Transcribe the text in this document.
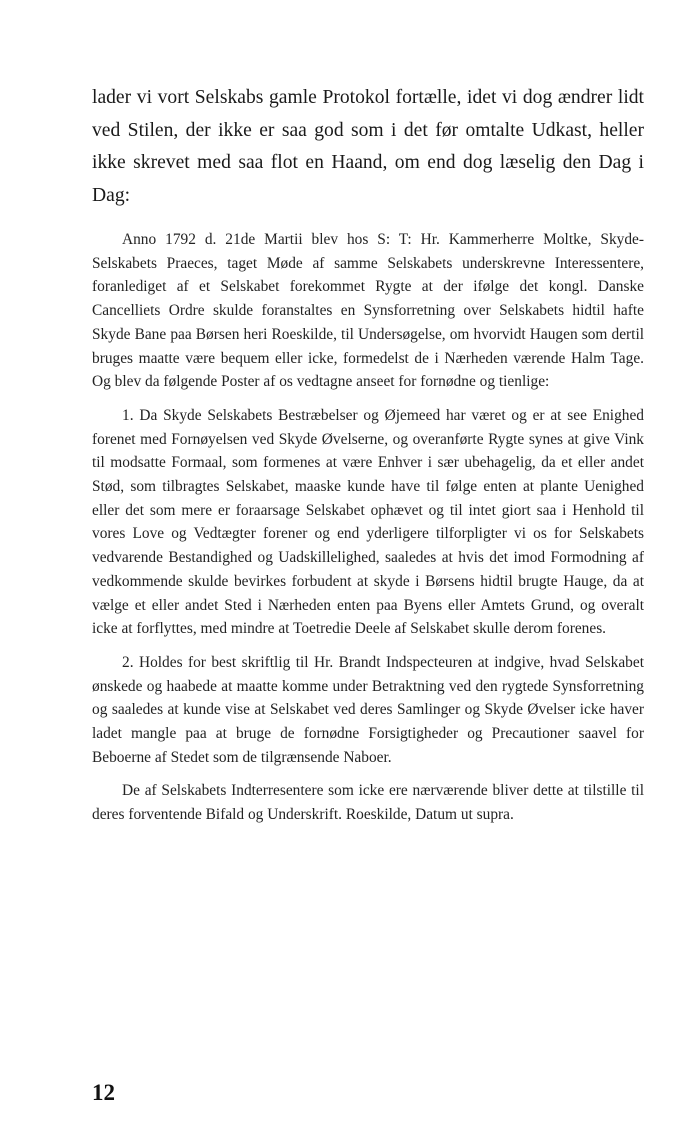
lader vi vort Selskabs gamle Protokol fortælle, idet vi dog ændrer lidt ved Stilen, der ikke er saa god som i det før omtalte Udkast, heller ikke skrevet med saa flot en Haand, om end dog læselig den Dag i Dag:

Anno 1792 d. 21de Martii blev hos S: T: Hr. Kammerherre Moltke, Skyde-Selskabets Praeces, taget Møde af samme Selskabets underskrevne Interessentere, foranlediget af et Selskabet forekommet Rygte at der ifølge det kongl. Danske Cancelliets Ordre skulde foranstaltes en Synsforretning over Selskabets hidtil hafte Skyde Bane paa Børsen heri Roeskilde, til Undersøgelse, om hvorvidt Haugen som dertil bruges maatte være bequem eller icke, formedelst de i Nærheden værende Halm Tage. Og blev da følgende Poster af os vedtagne anseet for fornødne og tienlige:

1. Da Skyde Selskabets Bestræbelser og Øjemeed har været og er at see Enighed forenet med Fornøyelsen ved Skyde Øvelserne, og overanførte Rygte synes at give Vink til modsatte Formaal, som formenes at være Enhver i sær ubehagelig, da et eller andet Stød, som tilbragtes Selskabet, maaske kunde have til følge enten at plante Uenighed eller det som mere er foraarsage Selskabet ophævet og til intet giort saa i Henhold til vores Love og Vedtægter forener og end yderligere tilforpligter vi os for Selskabets vedvarende Bestandighed og Uadskillelighed, saaledes at hvis det imod Formodning af vedkommende skulde bevirkes forbudent at skyde i Børsens hidtil brugte Hauge, da at vælge et eller andet Sted i Nærheden enten paa Byens eller Amtets Grund, og overalt icke at forflyttes, med mindre at Toetredie Deele af Selskabet skulle derom forenes.

2. Holdes for best skriftlig til Hr. Brandt Indspecteuren at indgive, hvad Selskabet ønskede og haabede at maatte komme under Betraktning ved den rygtede Synsforretning og saaledes at kunde vise at Selskabet ved deres Samlinger og Skyde Øvelser icke haver ladet mangle paa at bruge de fornødne Forsigtigheder og Precautioner saavel for Beboerne af Stedet som de tilgrænsende Naboer.

De af Selskabets Indterresentere som icke ere nærværende bliver dette at tilstille til deres forventende Bifald og Underskrift. Roeskilde, Datum ut supra.

12
